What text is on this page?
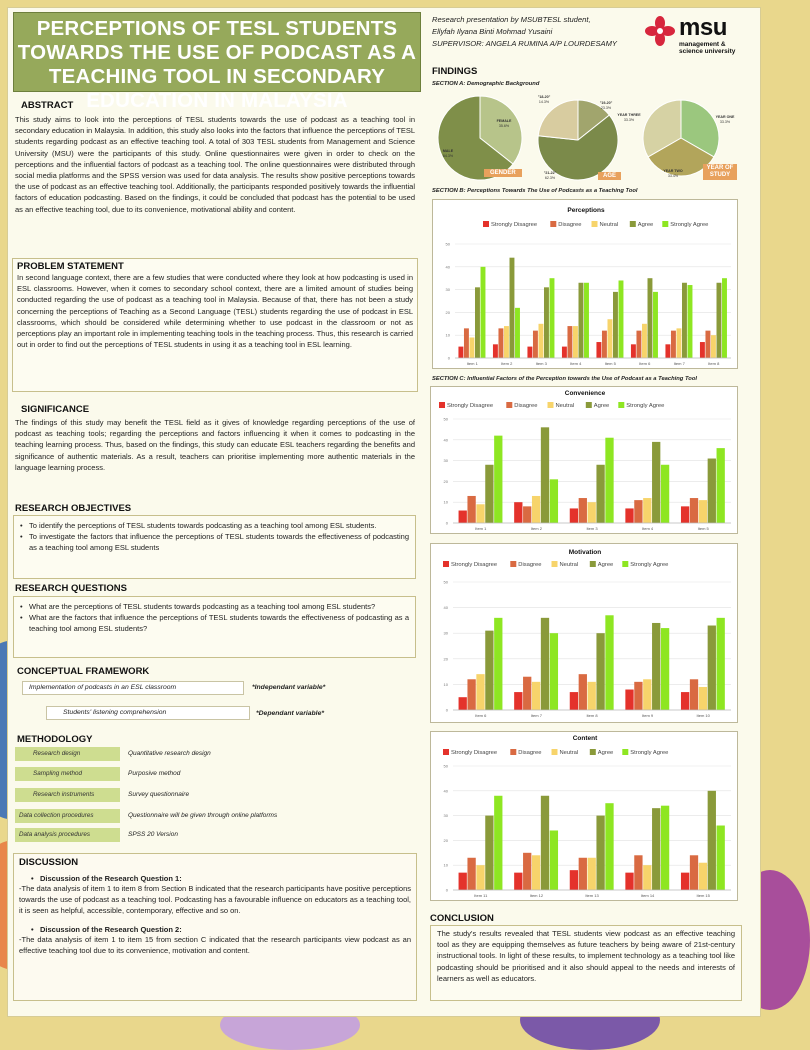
PERCEPTIONS OF TESL STUDENTS TOWARDS THE USE OF PODCAST AS A TEACHING TOOL IN SECONDARY EDUCATION IN MALAYSIA
Research presentation by MSUBTESL student,
Ellyfah Ilyana Binti Mohmad Yusaini
SUPERVISOR: ANGELA RUMINA A/P LOURDESAMY
msu
management &
science university
ABSTRACT
This study aims to look into the perceptions of TESL students towards the use of podcast as a teaching tool in secondary education in Malaysia. In addition, this study also looks into the factors that influence the perceptions of TESL students regarding podcast as an effective teaching tool. A total of 303 TESL students from Management and Science University (MSU) were the participants of this study. Online questionnaires were given in order to check on the perceptions and the influential factors of podcast as a teaching tool. The online questionnaires were distributed through social media platforms and the SPSS version was used for data analysis. The results show positive perceptions towards the use of podcast as an effective teaching tool. Additionally, the participants responded positively towards the influential factors of education podcasting. Based on the findings, it could be concluded that podcast has the potential to be used as an effective teaching tool, due to its convenience, motivational ability and content.
PROBLEM STATEMENT
In second language context, there are a few studies that were conducted where they look at how podcasting is used in ESL classrooms. However, when it comes to secondary school context, there are a limited amount of studies being conducted regarding the use of podcast as a teaching tool in Malaysia. Because of that, there has not been a study concerning the perceptions of Teaching as a Second Language (TESL) students regarding the use of podcast in ESL classrooms, which should be considered while determining whether to use podcast in the classroom or not as perceptions play an important role in implementing teaching tools in the teaching process. Thus, this research is carried out in order to find out the perceptions of TESL students in using it as a teaching tool in ESL learning.
SIGNIFICANCE
The findings of this study may benefit the TESL field as it gives of knowledge regarding perceptions of the use of podcast as teaching tools; regarding the perceptions and factors influencing it when it comes to podcasting in the teaching learning process. Thus, based on the findings, this study can educate ESL teachers regarding the benefits and significance of authentic materials. As a result, teachers can prioritise implementing more authentic materials in the language learning process.
RESEARCH OBJECTIVES
• To identify the perceptions of TESL students towards podcasting as a teaching tool among ESL students.
• To investigate the factors that influence the perceptions of TESL students towards the effectiveness of podcasting as a teaching tool among ESL students
RESEARCH QUESTIONS
• What are the perceptions of TESL students towards podcasting as a teaching tool among ESL students?
• What are the factors that influence the perceptions of TESL students towards the effectiveness of podcasting as a teaching tool among ESL students?
CONCEPTUAL FRAMEWORK
Implementation of podcasts in an ESL classroom	*Independant variable*
Students' listening comprehension	*Dependant variable*
METHODOLOGY
Research design	Quantitative research design
Sampling method	Purposive method
Research instruments	Survey questionnaire
Data collection procedures	Questionnaire will be given through online platforms
Data analysis procedures	SPSS 20 Version
DISCUSSION
• Discussion of the Research Question 1:
-The data analysis of item 1 to item 8 from Section B indicated that the research participants have positive perceptions towards the use of podcast as a teaching tool. Podcasting has a favourable influence on educators as a teaching tool, it is seen as helpful, accessible, contemporary, effective and so on.
• Discussion of the Research Question 2:
-The data analysis of item 1 to item 15 from section C indicated that the research participants view podcast as an effective teaching tool due to its convenience, motivation and content.
FINDINGS
SECTION A: Demographic Background
FEMALE
35.6%
MALE
64.3%
GENDER
"18-20"
14.3%
"21-22"
62.3%
"19-20"
23.3%
AGE
YEAR ONE
33.3%
YEAR TWO
33.4%
YEAR THREE
33.3%
YEAR OF STUDY
SECTION B: Perceptions Towards The Use of Podcasts as a Teaching Tool
Perceptions
Strongly Disagree	Disagree	Neutral	Agree	Strongly Agree
0
10
20
30
40
50
Item 1	Item 2	Item 3	Item 4	Item 5	Item 6	Item 7	Item 8
SECTION C: Influential Factors of the Perception towards the Use of Podcast as a Teaching Tool
Convenience
Strongly Disagree	Disagree	Neutral	Agree	Strongly Agree
0
10
20
30
40
50
Item 1	Item 2	Item 3	Item 4	Item 5
Motivation
Strongly Disagree	Disagree	Neutral	Agree	Strongly Agree
0
10
20
30
40
50
Item 6	Item 7	Item 8	Item 9	Item 10
Content
Strongly Disagree	Disagree	Neutral	Agree	Strongly Agree
0
10
20
30
40
50
Item 11	Item 12	Item 13	Item 14	Item 15
CONCLUSION
The study's results revealed that TESL students view podcast as an effective teaching tool as they are equipping themselves as future teachers by being aware of 21st-century instructional tools. In light of these results, to implement technology as a teaching tool like podcasting should be prioritised and it also should appeal to the needs and interests of learners as well as educators.
